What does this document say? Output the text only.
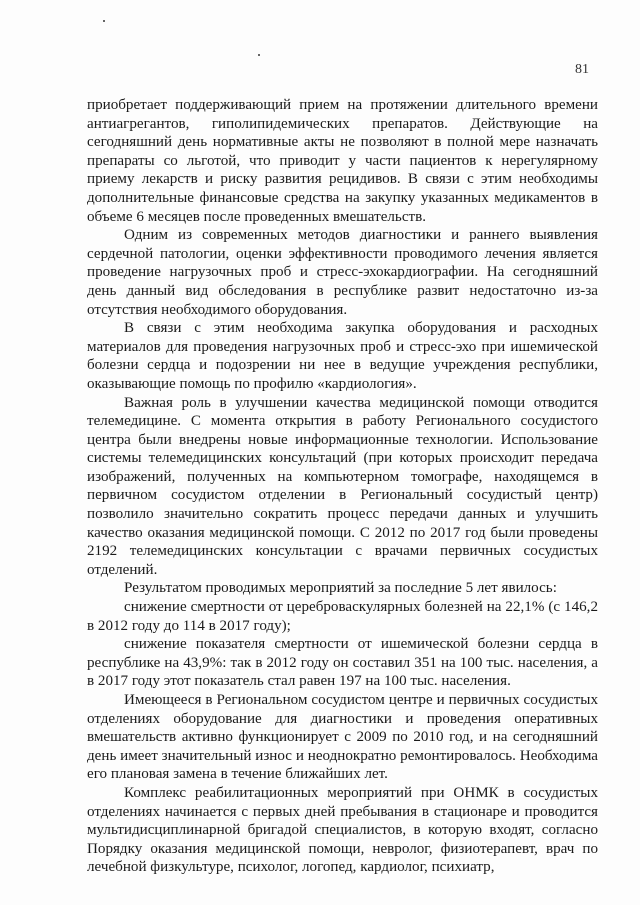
81

приобретает поддерживающий прием на протяжении длительного времени антиагрегантов, гиполипидемических препаратов. Действующие на сегодняшний день нормативные акты не позволяют в полной мере назначать препараты со льготой, что приводит у части пациентов к нерегулярному приему лекарств и риску развития рецидивов. В связи с этим необходимы дополнительные финансовые средства на закупку указанных медикаментов в объеме 6 месяцев после проведенных вмешательств.

Одним из современных методов диагностики и раннего выявления сердечной патологии, оценки эффективности проводимого лечения является проведение нагрузочных проб и стресс-эхокардиографии. На сегодняшний день данный вид обследования в республике развит недостаточно из-за отсутствия необходимого оборудования.

В связи с этим необходима закупка оборудования и расходных материалов для проведения нагрузочных проб и стресс-эхо при ишемической болезни сердца и подозрении ни нее в ведущие учреждения республики, оказывающие помощь по профилю «кардиология».

Важная роль в улучшении качества медицинской помощи отводится телемедицине. С момента открытия в работу Регионального сосудистого центра были внедрены новые информационные технологии. Использование системы телемедицинских консультаций (при которых происходит передача изображений, полученных на компьютерном томографе, находящемся в первичном сосудистом отделении в Региональный сосудистый центр) позволило значительно сократить процесс передачи данных и улучшить качество оказания медицинской помощи. С 2012 по 2017 год были проведены 2192 телемедицинских консультации с врачами первичных сосудистых отделений.

Результатом проводимых мероприятий за последние 5 лет явилось:

снижение смертности от цереброваскулярных болезней на 22,1% (с 146,2 в 2012 году до 114 в 2017 году);

снижение показателя смертности от ишемической болезни сердца в республике на 43,9%: так в 2012 году он составил 351 на 100 тыс. населения, а в 2017 году этот показатель стал равен 197 на 100 тыс. населения.

Имеющееся в Региональном сосудистом центре и первичных сосудистых отделениях оборудование для диагностики и проведения оперативных вмешательств активно функционирует с 2009 по 2010 год, и на сегодняшний день имеет значительный износ и неоднократно ремонтировалось. Необходима его плановая замена в течение ближайших лет.

Комплекс реабилитационных мероприятий при ОНМК в сосудистых отделениях начинается с первых дней пребывания в стационаре и проводится мультидисциплинарной бригадой специалистов, в которую входят, согласно Порядку оказания медицинской помощи, невролог, физиотерапевт, врач по лечебной физкультуре, психолог, логопед, кардиолог, психиатр,
